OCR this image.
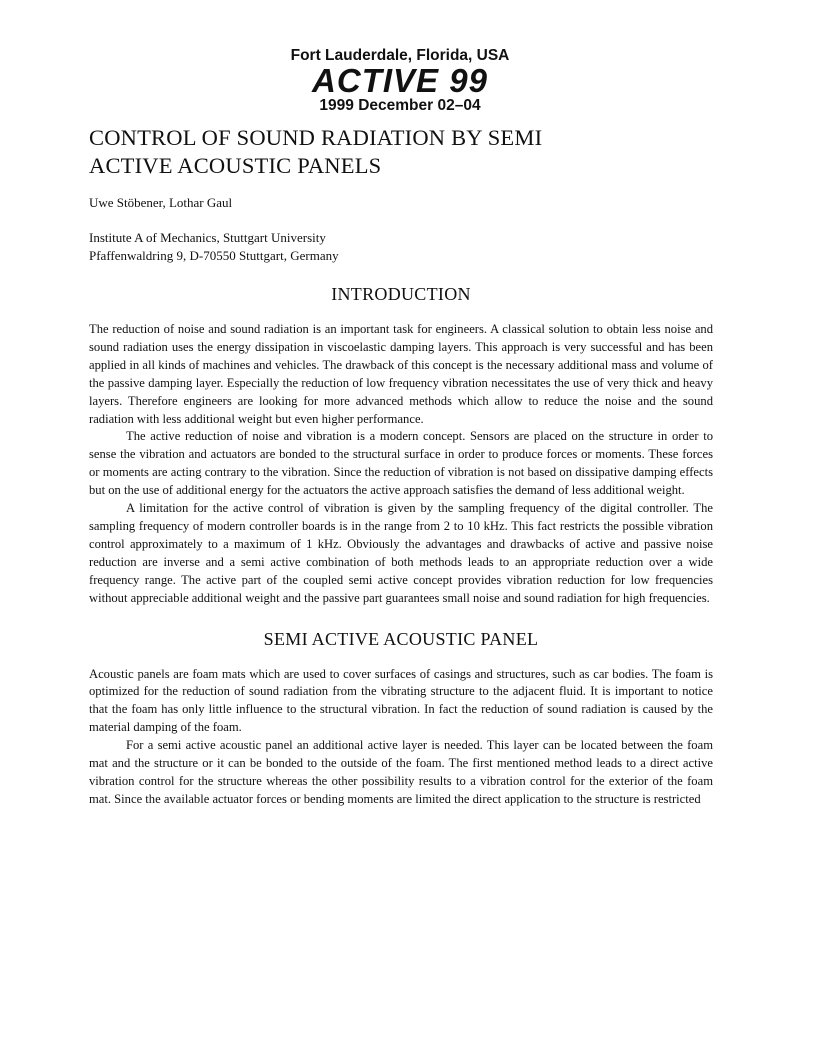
Fort Lauderdale, Florida, USA

ACTIVE 99

1999 December 02–04

CONTROL OF SOUND RADIATION BY SEMI
ACTIVE ACOUSTIC PANELS

Uwe Stöbener, Lothar Gaul

Institute A of Mechanics, Stuttgart University
Pfaffenwaldring 9, D-70550 Stuttgart, Germany

INTRODUCTION

The reduction of noise and sound radiation is an important task for engineers. A classical solution to obtain less noise and sound radiation uses the energy dissipation in viscoelastic damping layers. This approach is very successful and has been applied in all kinds of machines and vehicles. The drawback of this concept is the necessary additional mass and volume of the passive damping layer. Especially the reduction of low frequency vibration necessitates the use of very thick and heavy layers. Therefore engineers are looking for more advanced methods which allow to reduce the noise and the sound radiation with less additional weight but even higher performance.

The active reduction of noise and vibration is a modern concept. Sensors are placed on the structure in order to sense the vibration and actuators are bonded to the structural surface in order to produce forces or moments. These forces or moments are acting contrary to the vibration. Since the reduction of vibration is not based on dissipative damping effects but on the use of additional energy for the actuators the active approach satisfies the demand of less additional weight.

A limitation for the active control of vibration is given by the sampling frequency of the digital controller. The sampling frequency of modern controller boards is in the range from 2 to 10 kHz. This fact restricts the possible vibration control approximately to a maximum of 1 kHz. Obviously the advantages and drawbacks of active and passive noise reduction are inverse and a semi active combination of both methods leads to an appropriate reduction over a wide frequency range. The active part of the coupled semi active concept provides vibration reduction for low frequencies without appreciable additional weight and the passive part guarantees small noise and sound radiation for high frequencies.

SEMI ACTIVE ACOUSTIC PANEL

Acoustic panels are foam mats which are used to cover surfaces of casings and structures, such as car bodies. The foam is optimized for the reduction of sound radiation from the vibrating structure to the adjacent fluid. It is important to notice that the foam has only little influence to the structural vibration. In fact the reduction of sound radiation is caused by the material damping of the foam.

For a semi active acoustic panel an additional active layer is needed. This layer can be located between the foam mat and the structure or it can be bonded to the outside of the foam. The first mentioned method leads to a direct active vibration control for the structure whereas the other possibility results to a vibration control for the exterior of the foam mat. Since the available actuator forces or bending moments are limited the direct application to the structure is restricted
